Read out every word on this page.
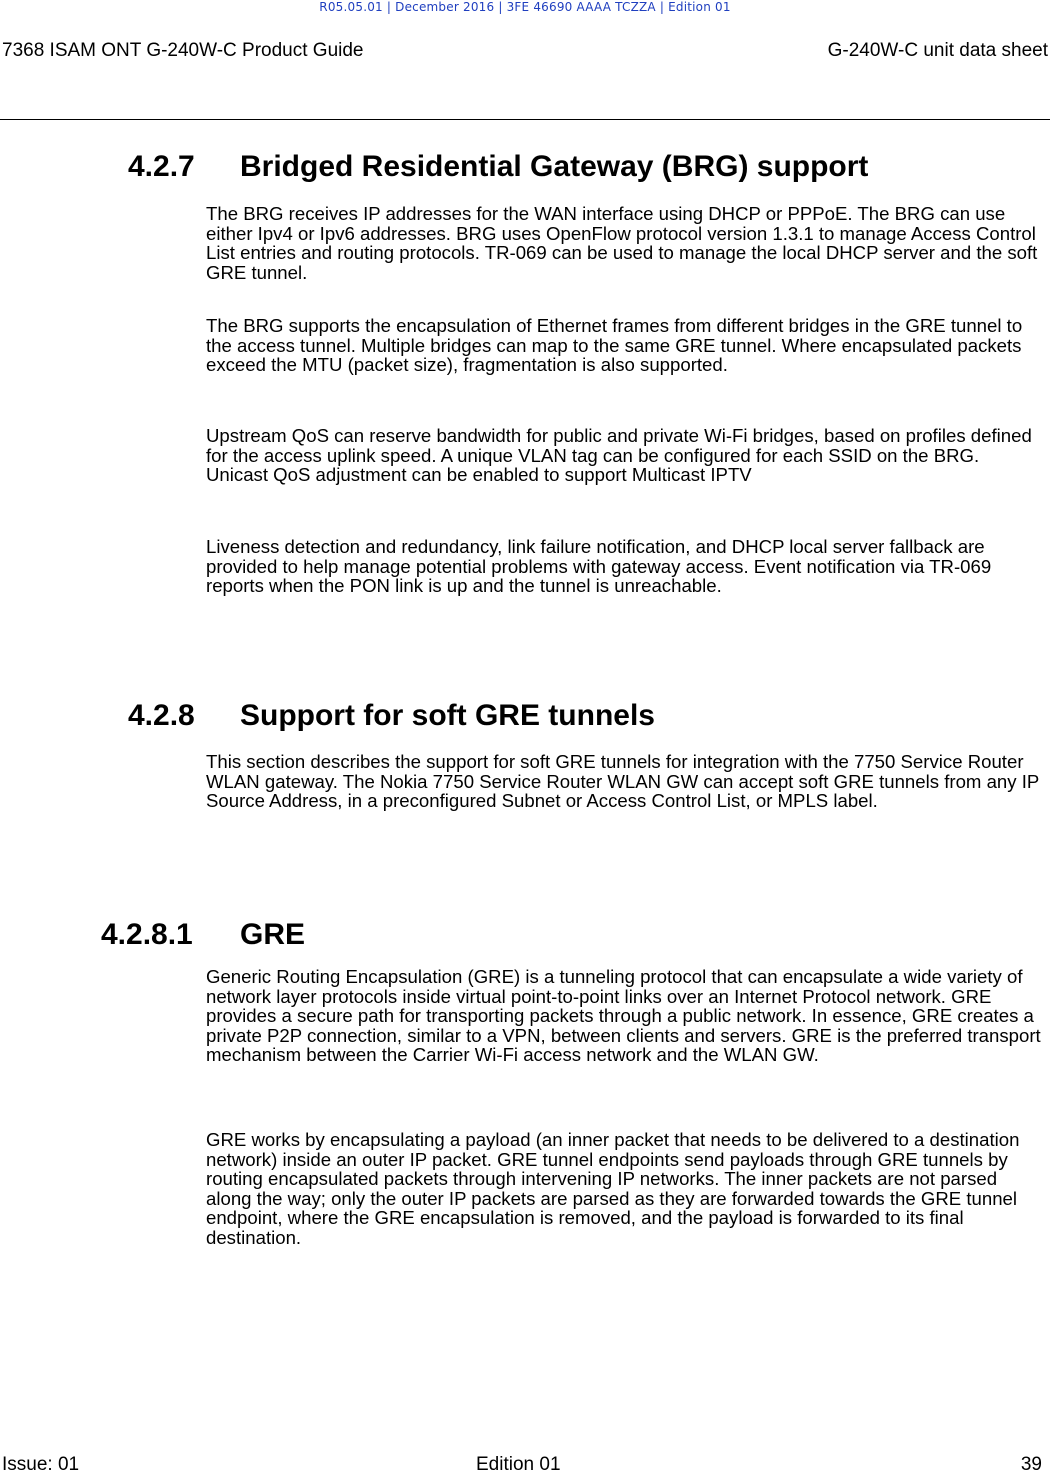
R05.05.01 | December 2016 | 3FE 46690 AAAA TCZZA | Edition 01
7368 ISAM ONT G-240W-C Product Guide	G-240W-C unit data sheet
4.2.7 Bridged Residential Gateway (BRG) support

The BRG receives IP addresses for the WAN interface using DHCP or PPPoE. The BRG can use either Ipv4 or Ipv6 addresses. BRG uses OpenFlow protocol version 1.3.1 to manage Access Control List entries and routing protocols. TR-069 can be used to manage the local DHCP server and the soft GRE tunnel.

The BRG supports the encapsulation of Ethernet frames from different bridges in the GRE tunnel to the access tunnel. Multiple bridges can map to the same GRE tunnel. Where encapsulated packets exceed the MTU (packet size), fragmentation is also supported.

Upstream QoS can reserve bandwidth for public and private Wi-Fi bridges, based on profiles defined for the access uplink speed. A unique VLAN tag can be configured for each SSID on the BRG. Unicast QoS adjustment can be enabled to support Multicast IPTV

Liveness detection and redundancy, link failure notification, and DHCP local server fallback are provided to help manage potential problems with gateway access. Event notification via TR-069 reports when the PON link is up and the tunnel is unreachable.

4.2.8 Support for soft GRE tunnels

This section describes the support for soft GRE tunnels for integration with the 7750 Service Router WLAN gateway. The Nokia 7750 Service Router WLAN GW can accept soft GRE tunnels from any IP Source Address, in a preconfigured Subnet or Access Control List, or MPLS label.

4.2.8.1 GRE

Generic Routing Encapsulation (GRE) is a tunneling protocol that can encapsulate a wide variety of network layer protocols inside virtual point-to-point links over an Internet Protocol network. GRE provides a secure path for transporting packets through a public network. In essence, GRE creates a private P2P connection, similar to a VPN, between clients and servers. GRE is the preferred transport mechanism between the Carrier Wi-Fi access network and the WLAN GW.

GRE works by encapsulating a payload (an inner packet that needs to be delivered to a destination network) inside an outer IP packet. GRE tunnel endpoints send payloads through GRE tunnels by routing encapsulated packets through intervening IP networks. The inner packets are not parsed along the way; only the outer IP packets are parsed as they are forwarded towards the GRE tunnel endpoint, where the GRE encapsulation is removed, and the payload is forwarded to its final destination.

Issue: 01	Edition 01	39
